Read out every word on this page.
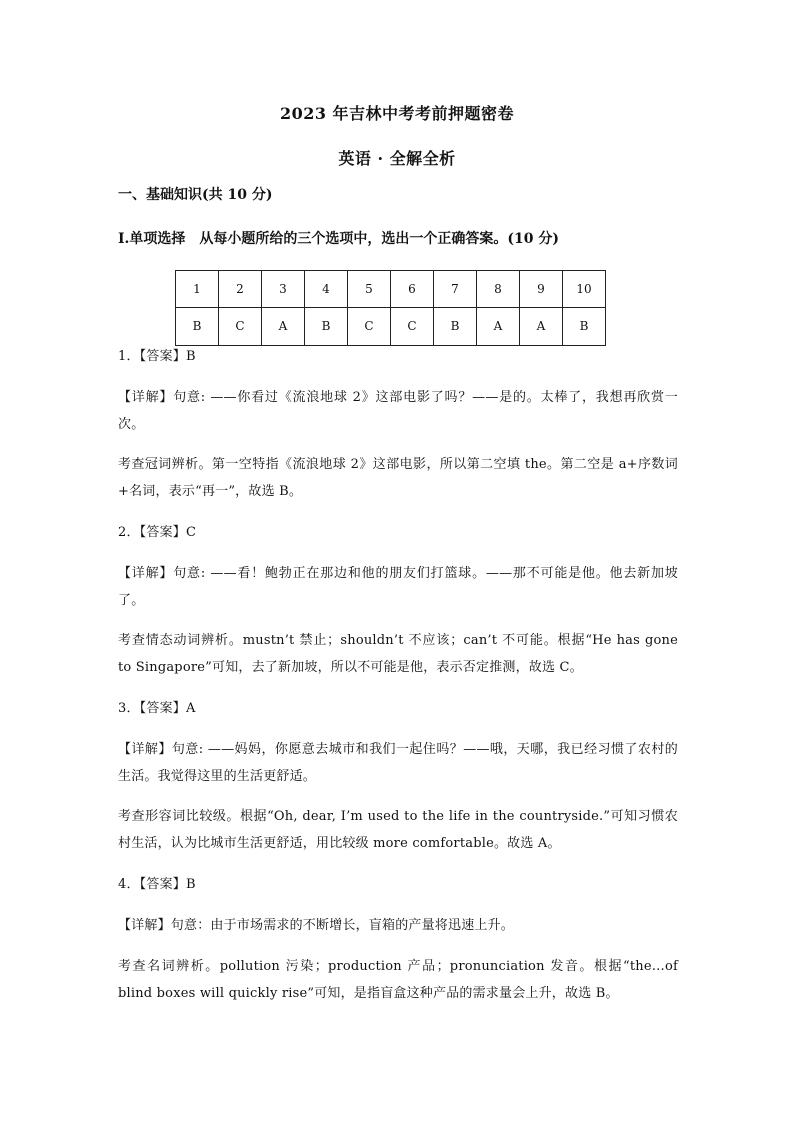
2023 年吉林中考考前押题密卷
英语 · 全解全析
一、基础知识(共 10 分)
I.单项选择　从每小题所给的三个选项中，选出一个正确答案。(10 分)
1	2	3	4	5	6	7	8	9	10
B	C	A	B	C	C	B	A	A	B
1．【答案】B
【详解】句意: ——你看过《流浪地球 2》这部电影了吗？——是的。太棒了，我想再欣赏一次。
考查冠词辨析。第一空特指《流浪地球 2》这部电影，所以第二空填 the。第二空是 a+序数词+名词，表示“再一”，故选 B。
2．【答案】C
【详解】句意: ——看！鲍勃正在那边和他的朋友们打篮球。——那不可能是他。他去新加坡了。
考查情态动词辨析。mustn’t 禁止；shouldn’t 不应该；can’t 不可能。根据“He has gone to Singapore”可知，去了新加坡，所以不可能是他，表示否定推测，故选 C。
3．【答案】A
【详解】句意: ——妈妈，你愿意去城市和我们一起住吗？——哦，天哪，我已经习惯了农村的生活。我觉得这里的生活更舒适。
考查形容词比较级。根据“Oh, dear, I’m used to the life in the countryside.”可知习惯农村生活，认为比城市生活更舒适，用比较级 more comfortable。故选 A。
4．【答案】B
【详解】句意：由于市场需求的不断增长，盲箱的产量将迅速上升。
考查名词辨析。pollution 污染；production 产品；pronunciation 发音。根据“the…of blind boxes will quickly rise”可知，是指盲盒这种产品的需求量会上升，故选 B。
